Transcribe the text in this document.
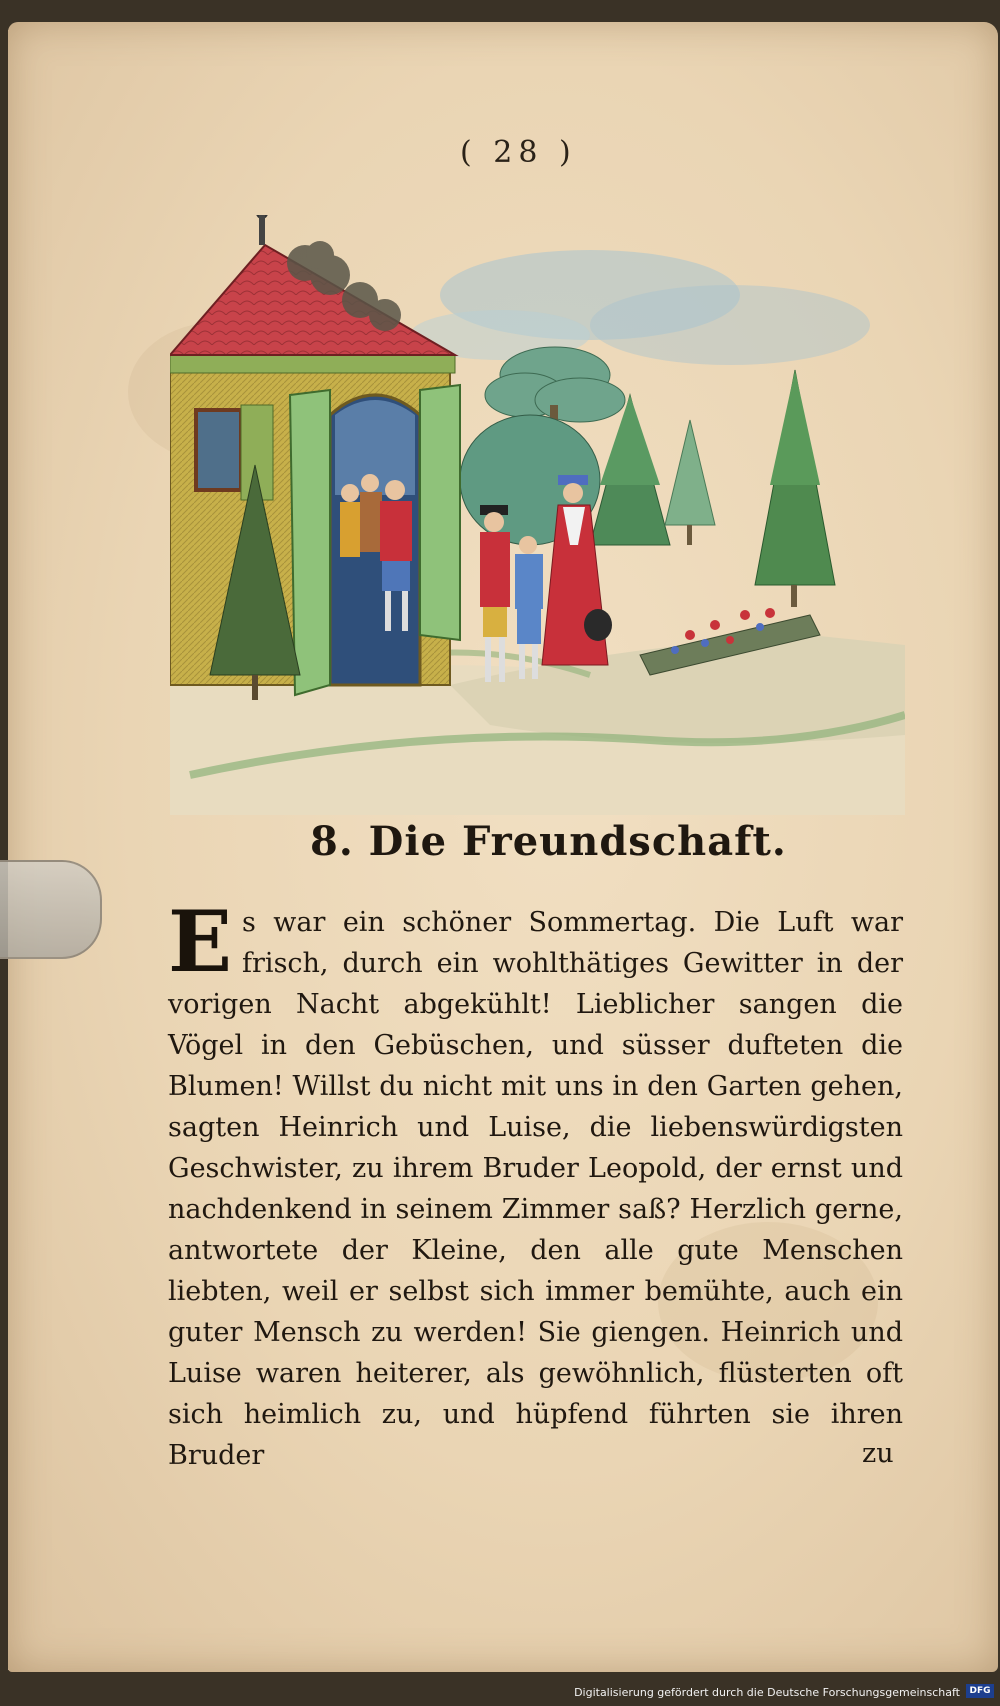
( 28 )
8. Die Freundschaft.
E s war ein schöner Sommertag. Die Luft war frisch, durch ein wohlthätiges Gewitter in der vorigen Nacht abgekühlt! Lieblicher sangen die Vögel in den Gebüschen, und süsser dufteten die Blumen! Willst du nicht mit uns in den Garten gehen, sagten Heinrich und Luise, die liebenswürdigsten Geschwister, zu ihrem Bruder Leopold, der ernst und nachdenkend in seinem Zimmer saß? Herzlich gerne, antwortete der Kleine, den alle gute Menschen liebten, weil er selbst sich immer bemühte, auch ein guter Mensch zu werden! Sie giengen. Heinrich und Luise waren heiterer, als gewöhnlich, flüsterten oft sich heimlich zu, und hüpfend führten sie ihren Bruder	zu
Digitalisierung gefördert durch die Deutsche Forschungsgemeinschaft	DFG
